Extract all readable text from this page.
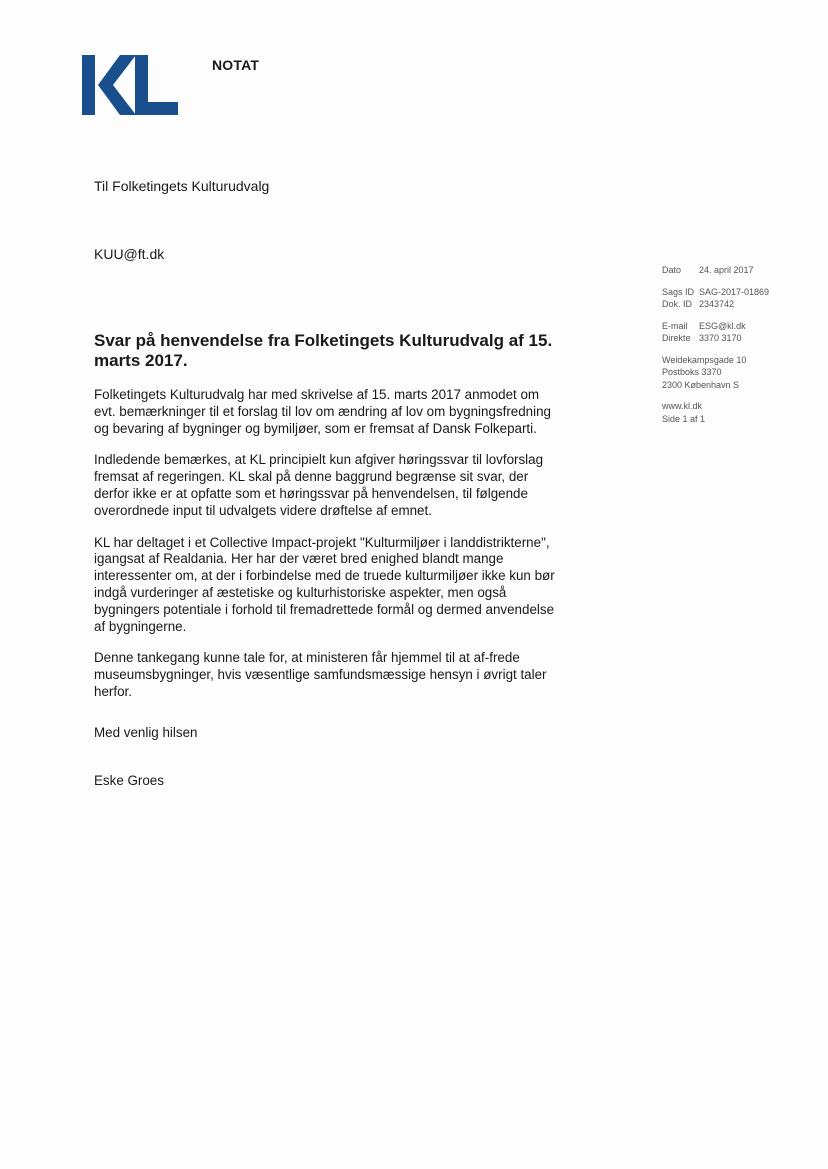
NOTAT
Til Folketingets Kulturudvalg
KUU@ft.dk
Dato 24. april 2017
Sags ID SAG-2017-01869
Dok. ID 2343742
E-mail ESG@kl.dk
Direkte 3370 3170
Weidekampsgade 10
Postboks 3370
2300 København S
www.kl.dk
Side 1 af 1
Svar på henvendelse fra Folketingets Kulturudvalg af 15. marts 2017.

Folketingets Kulturudvalg har med skrivelse af 15. marts 2017 anmodet om evt. bemærkninger til et forslag til lov om ændring af lov om bygningsfredning og bevaring af bygninger og bymiljøer, som er fremsat af Dansk Folkeparti.

Indledende bemærkes, at KL principielt kun afgiver høringssvar til lovforslag fremsat af regeringen. KL skal på denne baggrund begrænse sit svar, der derfor ikke er at opfatte som et høringssvar på henvendelsen, til følgende overordnede input til udvalgets videre drøftelse af emnet.

KL har deltaget i et Collective Impact-projekt "Kulturmiljøer i landdistrikterne", igangsat af Realdania. Her har der været bred enighed blandt mange interessenter om, at der i forbindelse med de truede kulturmiljøer ikke kun bør indgå vurderinger af æstetiske og kulturhistoriske aspekter, men også bygningers potentiale i forhold til fremadrettede formål og dermed anvendelse af bygningerne.

Denne tankegang kunne tale for, at ministeren får hjemmel til at af-frede museumsbygninger, hvis væsentlige samfundsmæssige hensyn i øvrigt taler herfor.

Med venlig hilsen
Eske Groes
